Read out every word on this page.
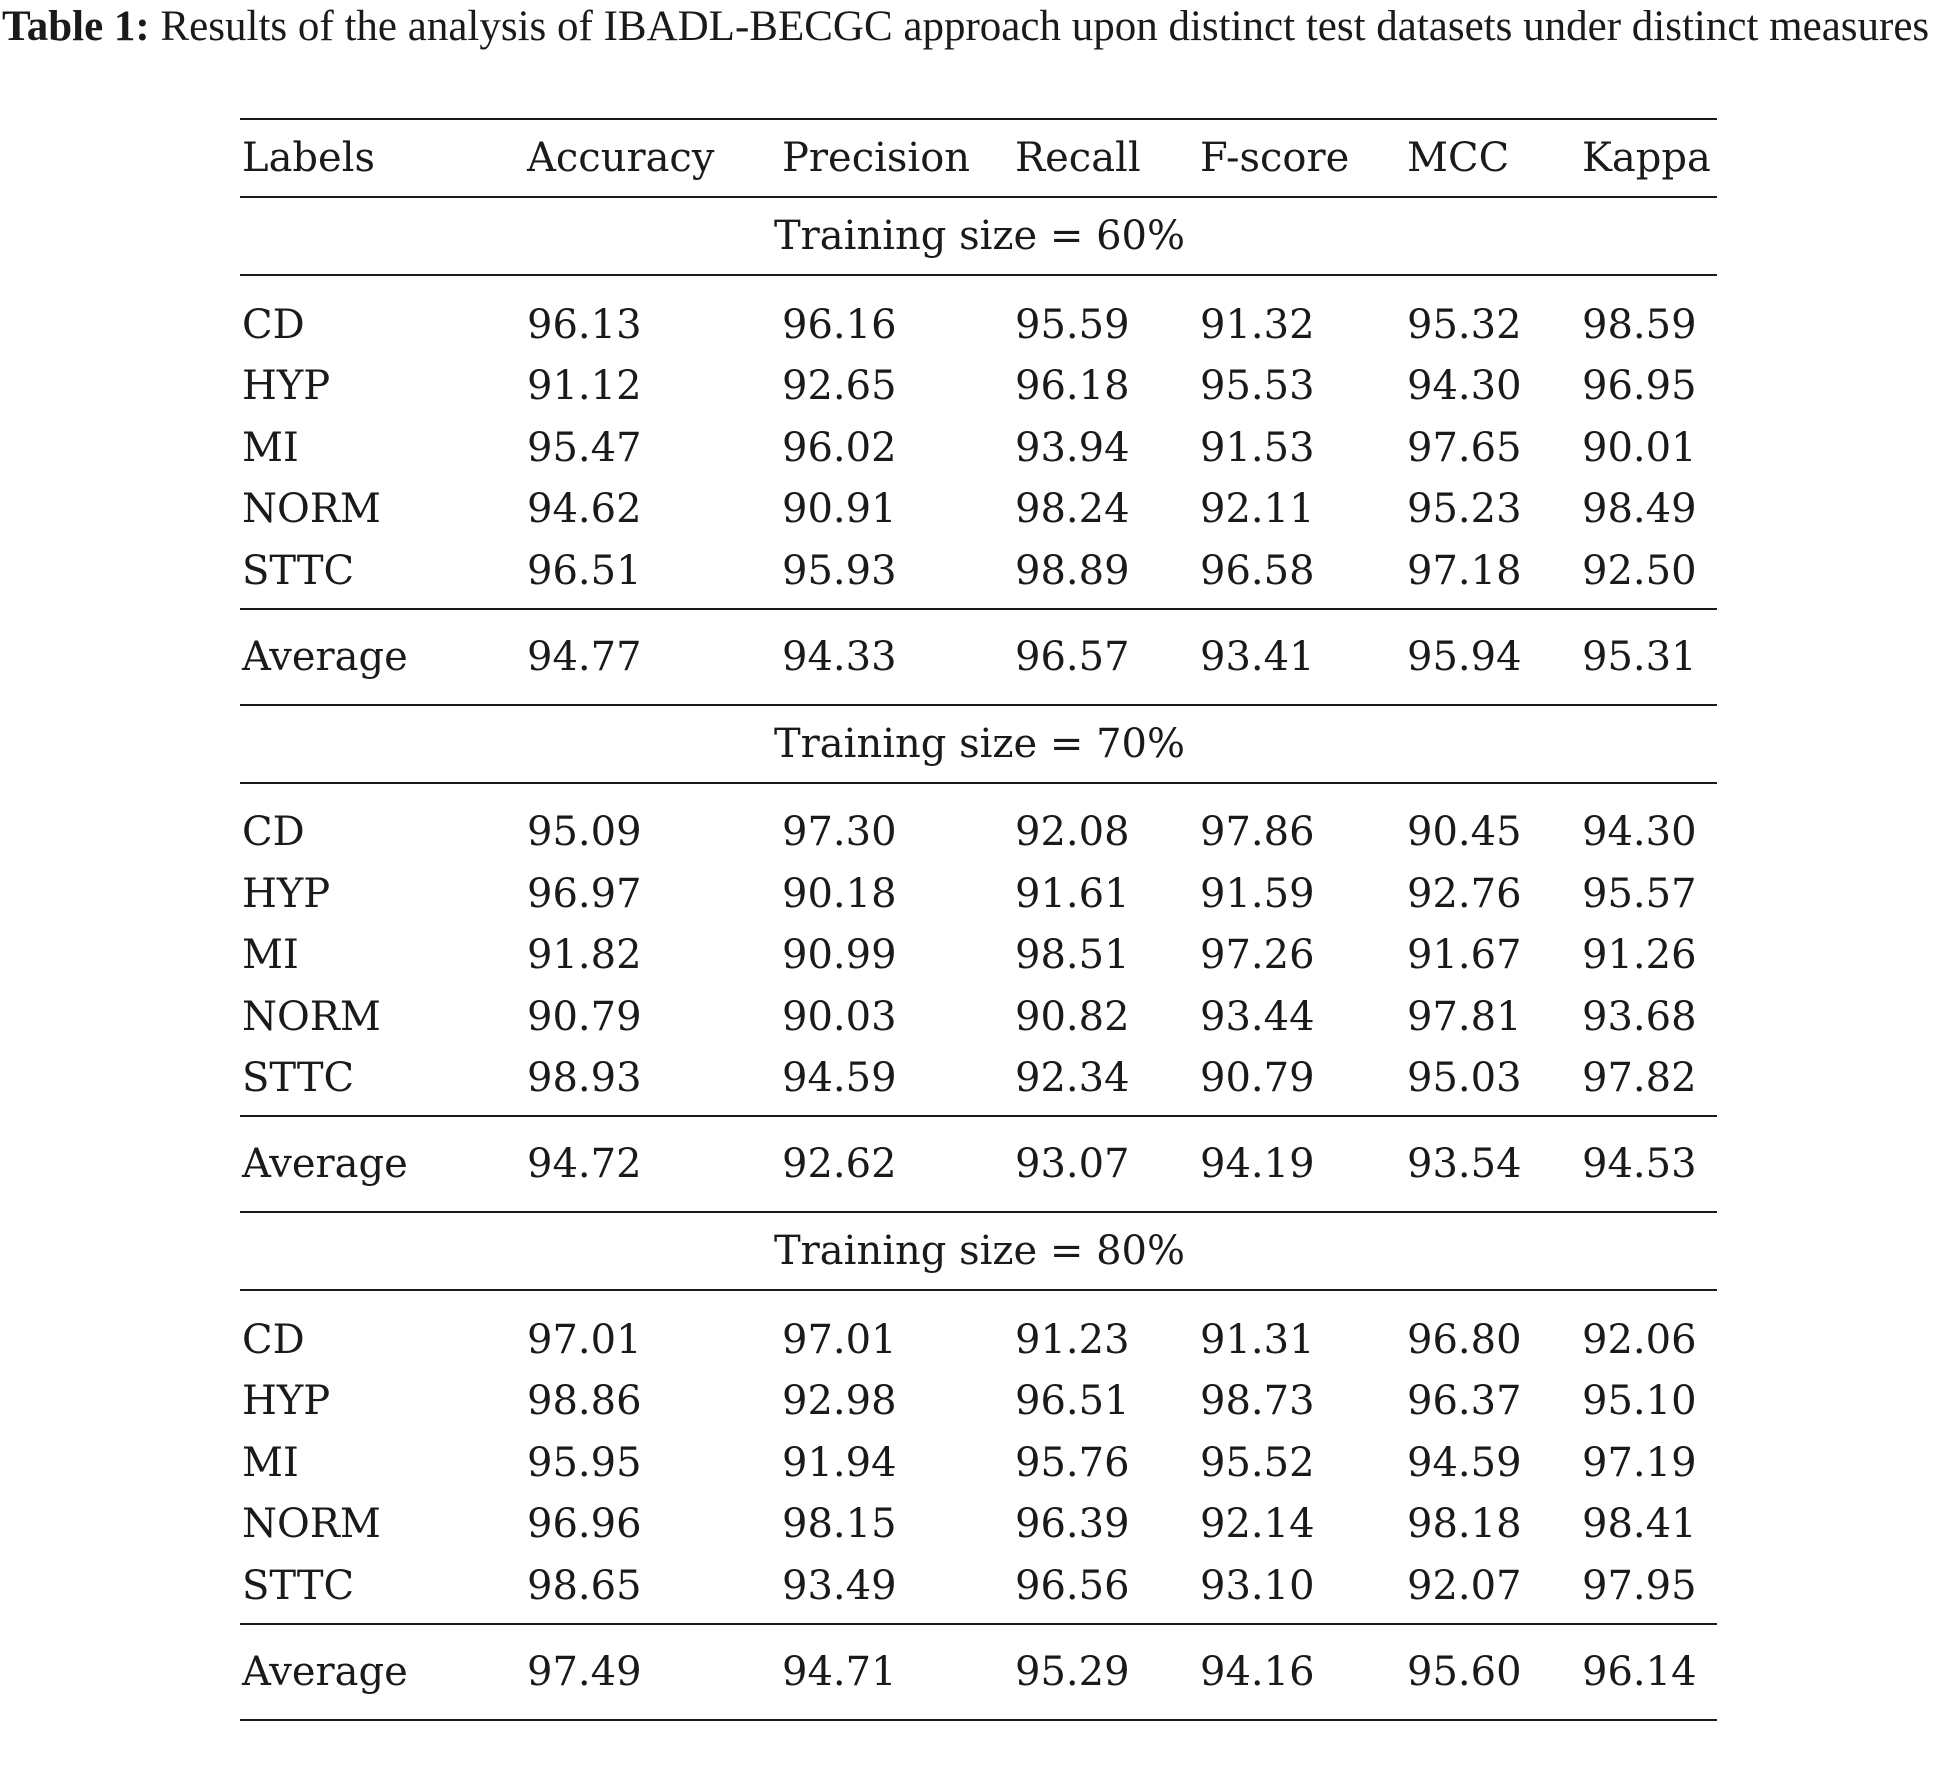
Table 1: Results of the analysis of IBADL-BECGC approach upon distinct test datasets under distinct measures
Labels	Accuracy	Precision	Recall	F-score	MCC	Kappa
Training size = 60%						

CD	96.13	96.16	95.59	91.32	95.32	98.59
HYP	91.12	92.65	96.18	95.53	94.30	96.95
MI	95.47	96.02	93.94	91.53	97.65	90.01
NORM	94.62	90.91	98.24	92.11	95.23	98.49
STTC	96.51	95.93	98.89	96.58	97.18	92.50
Average	94.77	94.33	96.57	93.41	95.94	95.31
Training size = 70%						

CD	95.09	97.30	92.08	97.86	90.45	94.30
HYP	96.97	90.18	91.61	91.59	92.76	95.57
MI	91.82	90.99	98.51	97.26	91.67	91.26
NORM	90.79	90.03	90.82	93.44	97.81	93.68
STTC	98.93	94.59	92.34	90.79	95.03	97.82
Average	94.72	92.62	93.07	94.19	93.54	94.53
Training size = 80%						

CD	97.01	97.01	91.23	91.31	96.80	92.06
HYP	98.86	92.98	96.51	98.73	96.37	95.10
MI	95.95	91.94	95.76	95.52	94.59	97.19
NORM	96.96	98.15	96.39	92.14	98.18	98.41
STTC	98.65	93.49	96.56	93.10	92.07	97.95
Average	97.49	94.71	95.29	94.16	95.60	96.14
